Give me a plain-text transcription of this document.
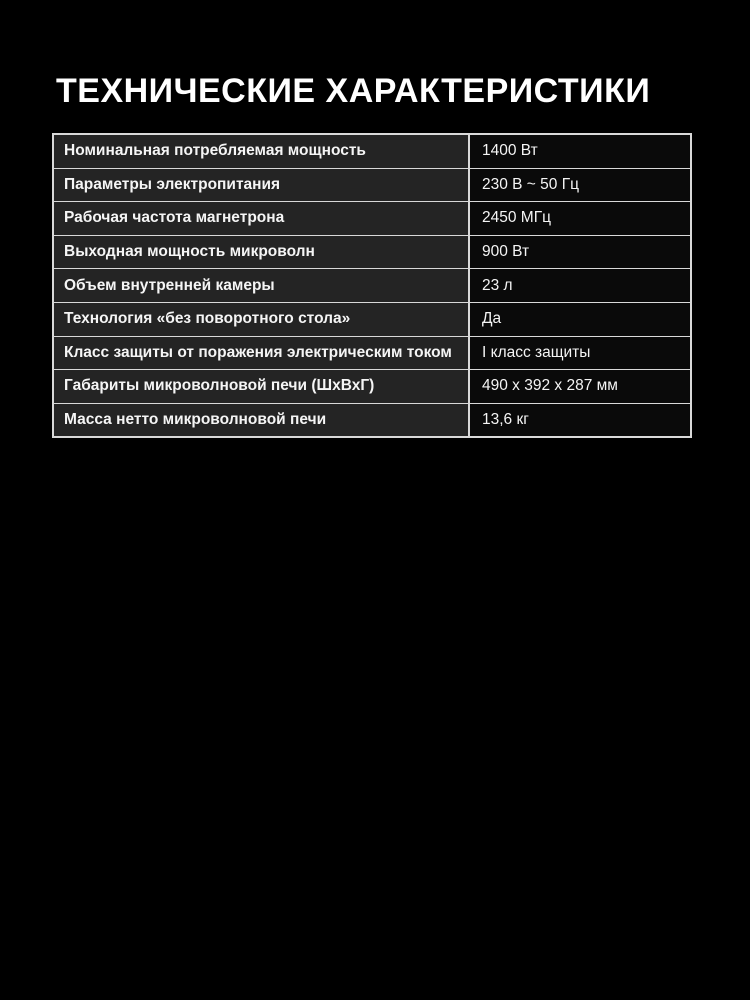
ТЕХНИЧЕСКИЕ ХАРАКТЕРИСТИКИ
Номинальная потребляемая мощность	1400 Вт
Параметры электропитания	230 В ~ 50 Гц
Рабочая частота магнетрона	2450 МГц
Выходная мощность микроволн	900 Вт
Объем внутренней камеры	23 л
Технология «без поворотного стола»	Да
Класс защиты от поражения электрическим током	I класс защиты
Габариты микроволновой печи (ШхВхГ)	490 х 392 х 287 мм
Масса нетто микроволновой печи	13,6 кг
